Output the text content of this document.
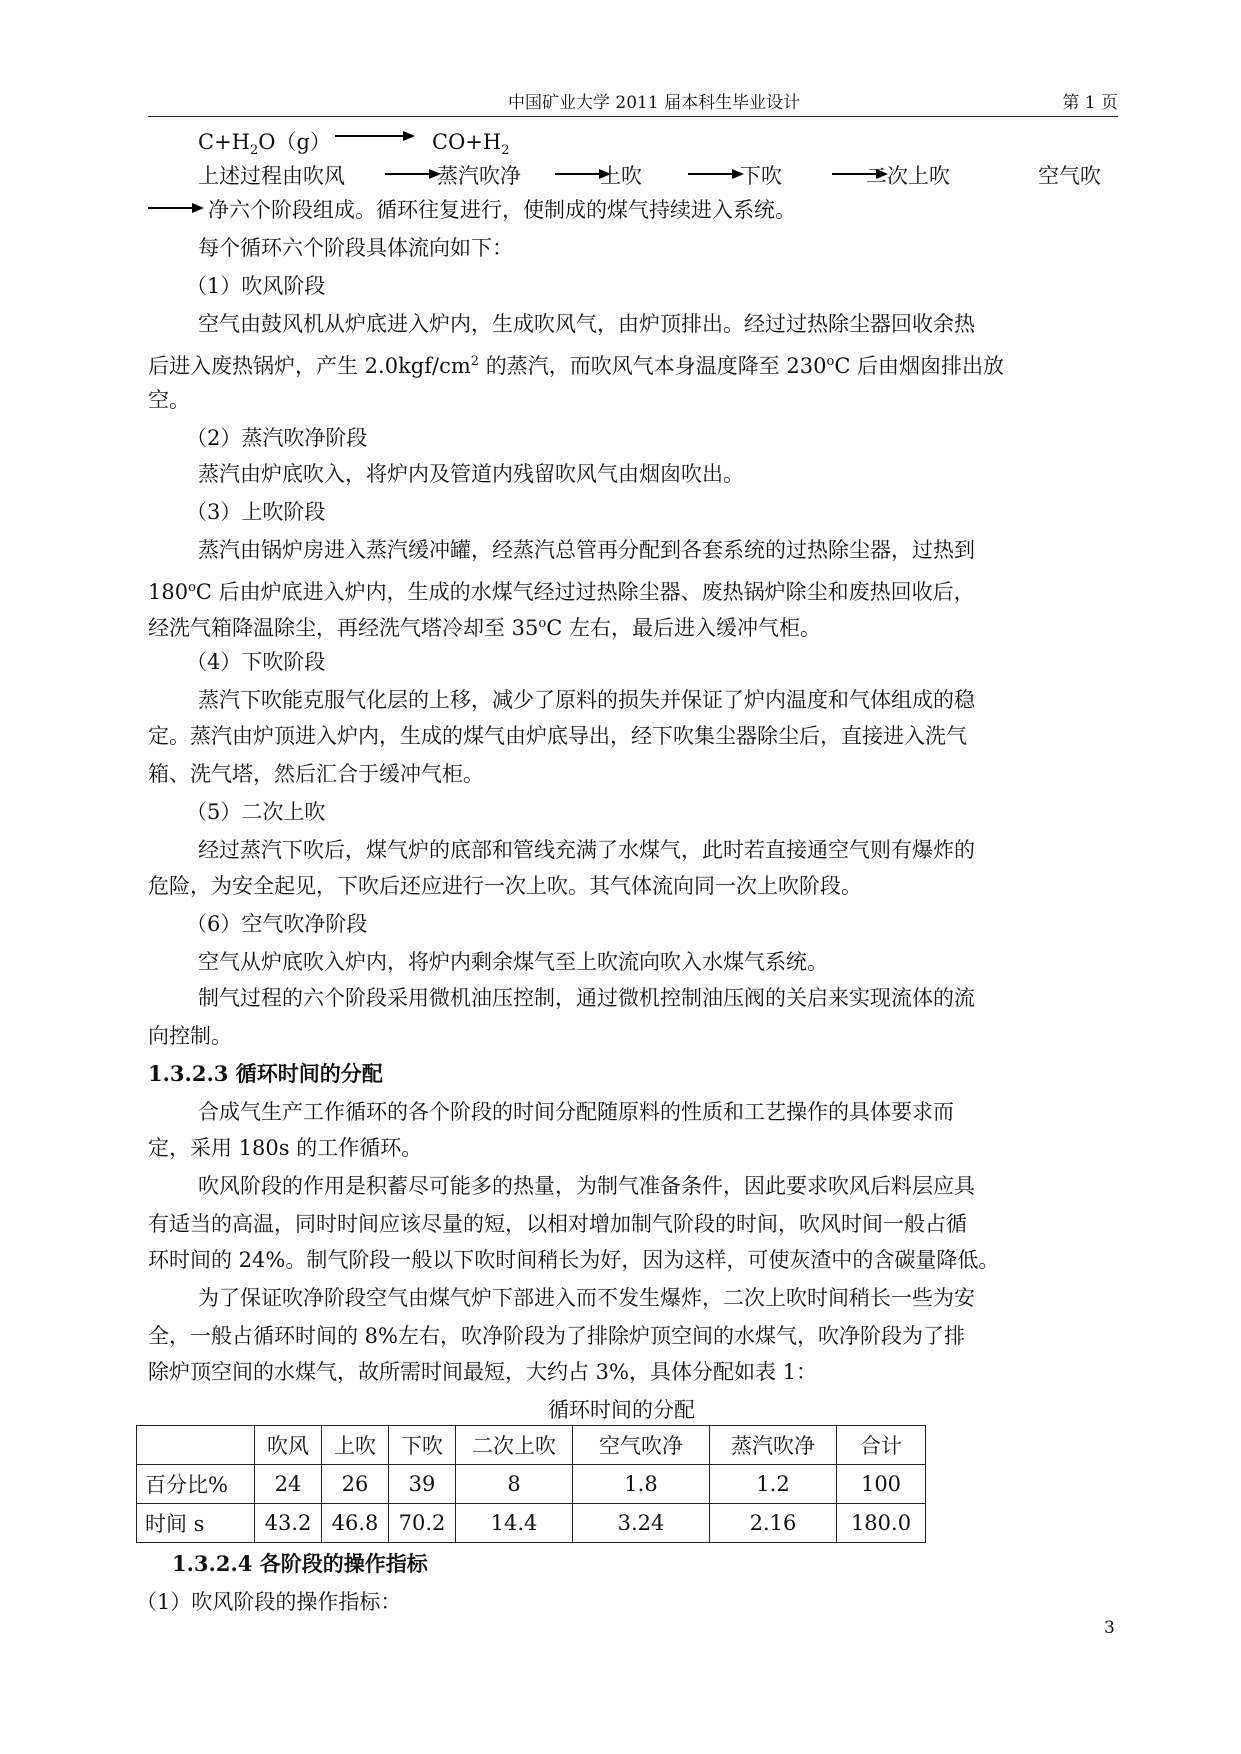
中国矿业大学 2011 届本科生毕业设计	第 1 页
$C+H_2O(g)$	$CO+H_2$
上述过程由吹风	蒸汽吹净	上吹	下吹	二次上吹	空气吹
净六个阶段组成。循环往复进行，使制成的煤气持续进入系统。
每个循环六个阶段具体流向如下：
（1）吹风阶段
空气由鼓风机从炉底进入炉内，生成吹风气，由炉顶排出。经过过热除尘器回收余热
后进入废热锅炉，产生 $2.0kgf/cm^2$ 的蒸汽，而吹风气本身温度降至 230$^o$C 后由烟囱排出放
空。
（2）蒸汽吹净阶段
蒸汽由炉底吹入，将炉内及管道内残留吹风气由烟囱吹出。
（3）上吹阶段
蒸汽由锅炉房进入蒸汽缓冲罐，经蒸汽总管再分配到各套系统的过热除尘器，过热到
180$^o$C 后由炉底进入炉内，生成的水煤气经过过热除尘器、废热锅炉除尘和废热回收后，
经洗气箱降温除尘，再经洗气塔冷却至 35$^o$C 左右，最后进入缓冲气柜。
（4）下吹阶段
蒸汽下吹能克服气化层的上移，减少了原料的损失并保证了炉内温度和气体组成的稳
定。蒸汽由炉顶进入炉内，生成的煤气由炉底导出，经下吹集尘器除尘后，直接进入洗气
箱、洗气塔，然后汇合于缓冲气柜。
（5）二次上吹
经过蒸汽下吹后，煤气炉的底部和管线充满了水煤气，此时若直接通空气则有爆炸的
危险，为安全起见，下吹后还应进行一次上吹。其气体流向同一次上吹阶段。
（6）空气吹净阶段
空气从炉底吹入炉内，将炉内剩余煤气至上吹流向吹入水煤气系统。
制气过程的六个阶段采用微机油压控制，通过微机控制油压阀的关启来实现流体的流
向控制。
1.3.2.3 循环时间的分配
合成气生产工作循环的各个阶段的时间分配随原料的性质和工艺操作的具体要求而
定，采用 180s 的工作循环。
吹风阶段的作用是积蓄尽可能多的热量，为制气准备条件，因此要求吹风后料层应具
有适当的高温，同时时间应该尽量的短，以相对增加制气阶段的时间，吹风时间一般占循
环时间的 24%。制气阶段一般以下吹时间稍长为好，因为这样，可使灰渣中的含碳量降低。
为了保证吹净阶段空气由煤气炉下部进入而不发生爆炸，二次上吹时间稍长一些为安
全，一般占循环时间的 8%左右，吹净阶段为了排除炉顶空间的水煤气，吹净阶段为了排
除炉顶空间的水煤气，故所需时间最短，大约占 3%，具体分配如表 1：
循环时间的分配
	吹风	上吹	下吹	二次上吹	空气吹净	蒸汽吹净	合计
百分比%	24	26	39	8	1.8	1.2	100
时间 s	43.2	46.8	70.2	14.4	3.24	2.16	180.0
1.3.2.4 各阶段的操作指标
（1）吹风阶段的操作指标：
3
